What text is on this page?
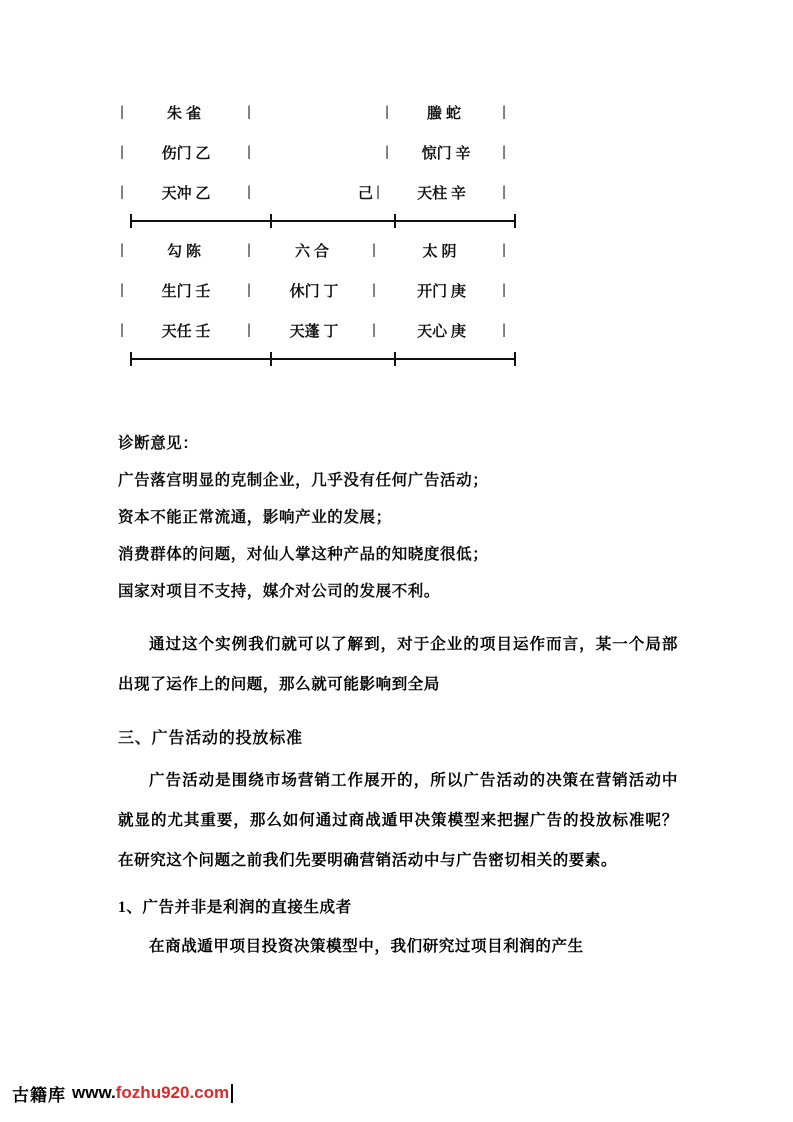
|	朱雀	|	|	螣蛇	|
|	伤门 乙	|	|	惊门 辛	|
|	天冲 乙	|	己 |	天柱 辛	|
|	勾陈	|	六合	|	太阴	|
|	生门 壬	|	休门 丁	|	开门 庚	|
|	天任 壬	|	天蓬 丁	|	天心 庚	|

诊断意见：

广告落宫明显的克制企业，几乎没有任何广告活动；

资本不能正常流通，影响产业的发展；

消费群体的问题，对仙人掌这种产品的知晓度很低；

国家对项目不支持，媒介对公司的发展不利。

通过这个实例我们就可以了解到，对于企业的项目运作而言，某一个局部出现了运作上的问题，那么就可能影响到全局

三、广告活动的投放标准

广告活动是围绕市场营销工作展开的，所以广告活动的决策在营销活动中就显的尤其重要，那么如何通过商战遁甲决策模型来把握广告的投放标准呢？在研究这个问题之前我们先要明确营销活动中与广告密切相关的要素。

1、广告并非是利润的直接生成者

在商战遁甲项目投资决策模型中，我们研究过项目利润的产生

古籍库 www.fozhu920.com
